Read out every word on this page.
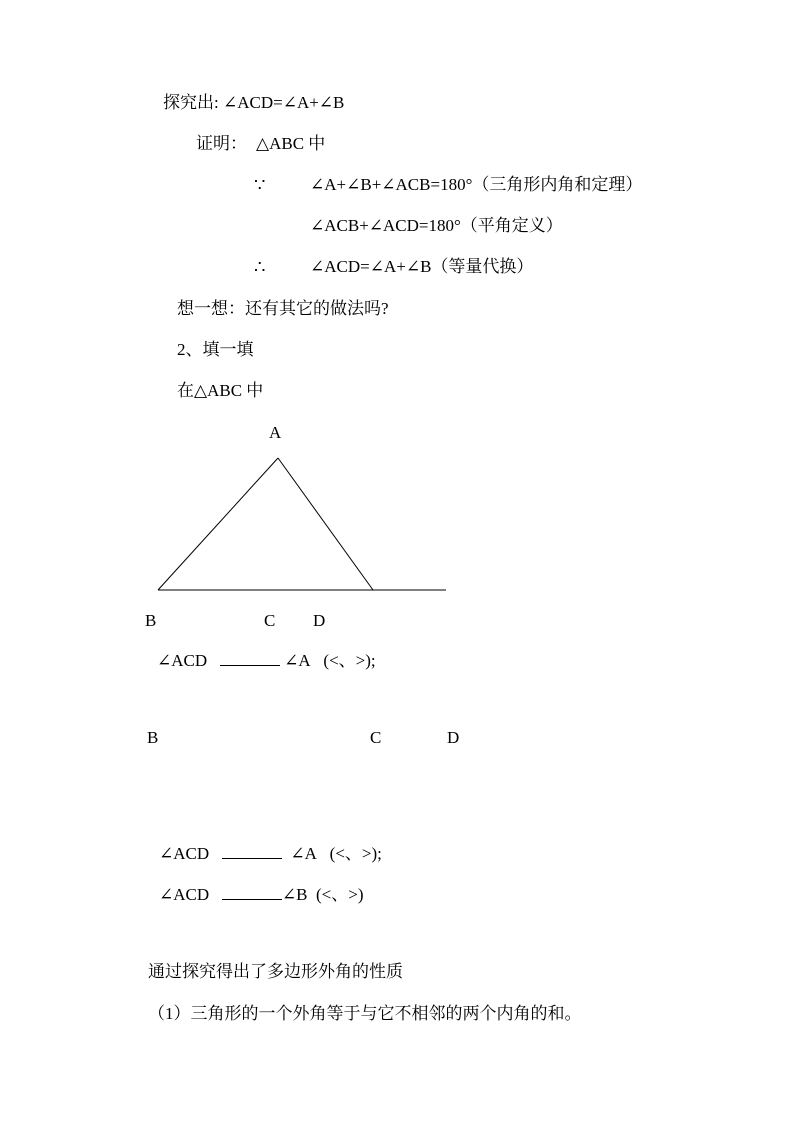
探究出: ∠ACD=∠A+∠B
证明： △ABC 中
∵	∠A+∠B+∠ACB=180°（三角形内角和定理）
∠ACB+∠ACD=180°（平角定义）
∴	∠ACD=∠A+∠B（等量代换）
想一想：还有其它的做法吗?
2、填一填
在△ABC 中
A
B	C D
∠ACD	∠A (<、>);
B	C	D
∠ACD	∠A (<、>);
∠ACD	∠B (<、>)
通过探究得出了多边形外角的性质
（1）三角形的一个外角等于与它不相邻的两个内角的和。
